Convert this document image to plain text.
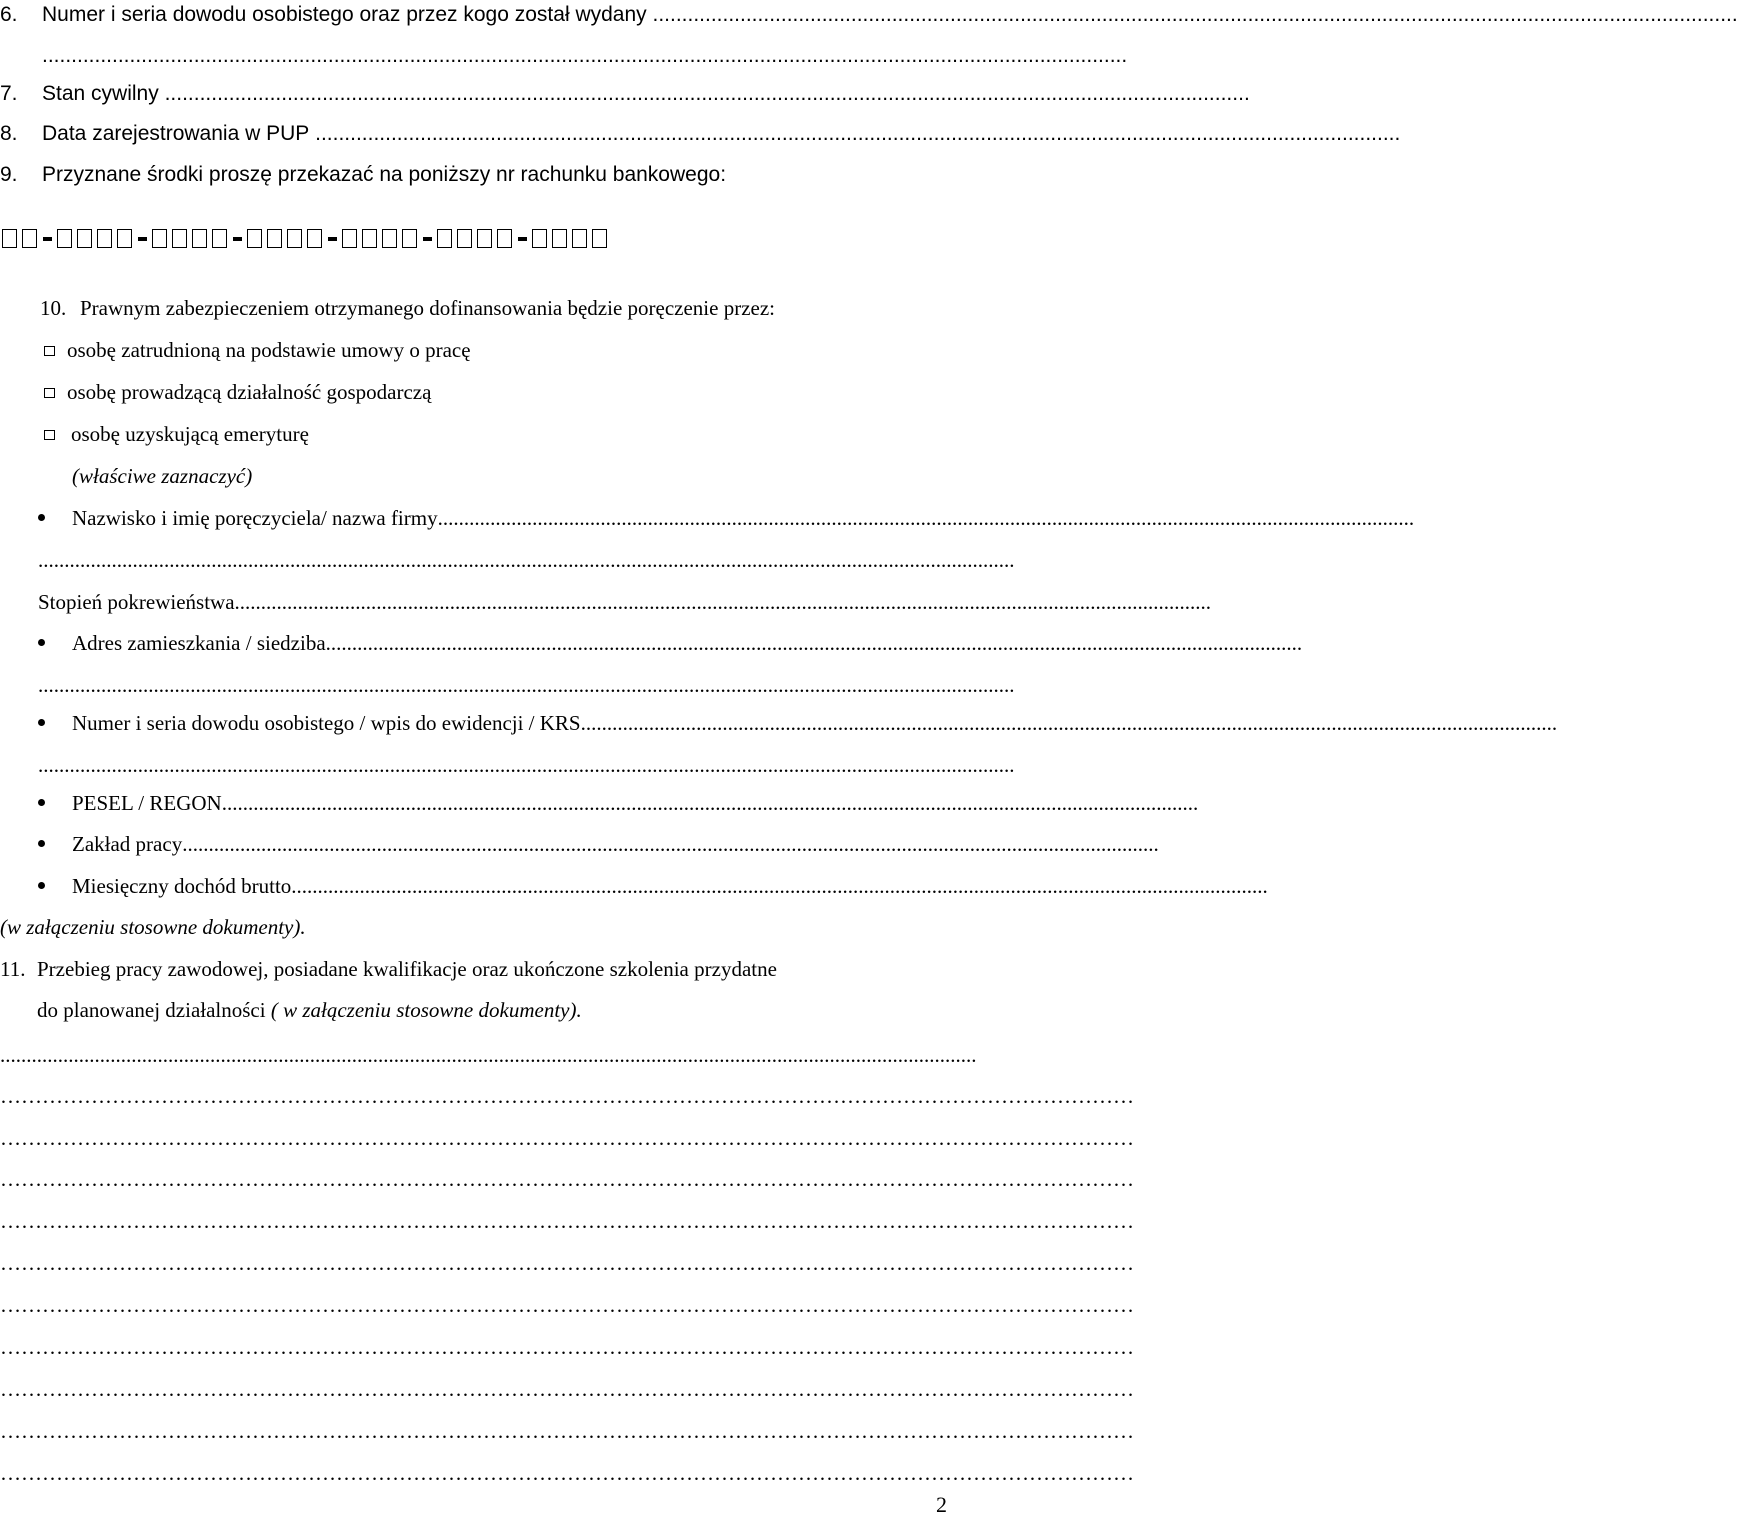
6. Numer i seria dowodu osobistego oraz przez kogo został wydany ..........................................................................................................................................................................................
..........................................................................................................................................................................................
7. Stan cywilny ..........................................................................................................................................................................................
8. Data zarejestrowania w PUP ..........................................................................................................................................................................................
9. Przyznane środki proszę przekazać na poniższy nr rachunku bankowego:
10. Prawnym zabezpieczeniem otrzymanego dofinansowania będzie poręczenie przez:
osobę zatrudnioną na podstawie umowy o pracę
osobę prowadzącą działalność gospodarczą
osobę uzyskującą emeryturę
(właściwe zaznaczyć)
Nazwisko i imię poręczyciela/ nazwa firmy ..........................................................................................................................................................................................
..........................................................................................................................................................................................
Stopień pokrewieństwa ..........................................................................................................................................................................................
Adres zamieszkania / siedziba ..........................................................................................................................................................................................
..........................................................................................................................................................................................
Numer i seria dowodu osobistego / wpis do ewidencji / KRS ..........................................................................................................................................................................................
..........................................................................................................................................................................................
PESEL / REGON ..........................................................................................................................................................................................
Zakład pracy ..........................................................................................................................................................................................
Miesięczny dochód brutto ..........................................................................................................................................................................................
(w załączeniu stosowne dokumenty).
11. Przebieg pracy zawodowej, posiadane kwalifikacje oraz ukończone szkolenia przydatne
do planowanej działalności ( w załączeniu stosowne dokumenty).
..........................................................................................................................................................................................
………………………………………………………………………………………………………………………………………………
………………………………………………………………………………………………………………………………………………
………………………………………………………………………………………………………………………………………………
………………………………………………………………………………………………………………………………………………
………………………………………………………………………………………………………………………………………………
………………………………………………………………………………………………………………………………………………
………………………………………………………………………………………………………………………………………………
………………………………………………………………………………………………………………………………………………
………………………………………………………………………………………………………………………………………………
………………………………………………………………………………………………………………………………………………
2
